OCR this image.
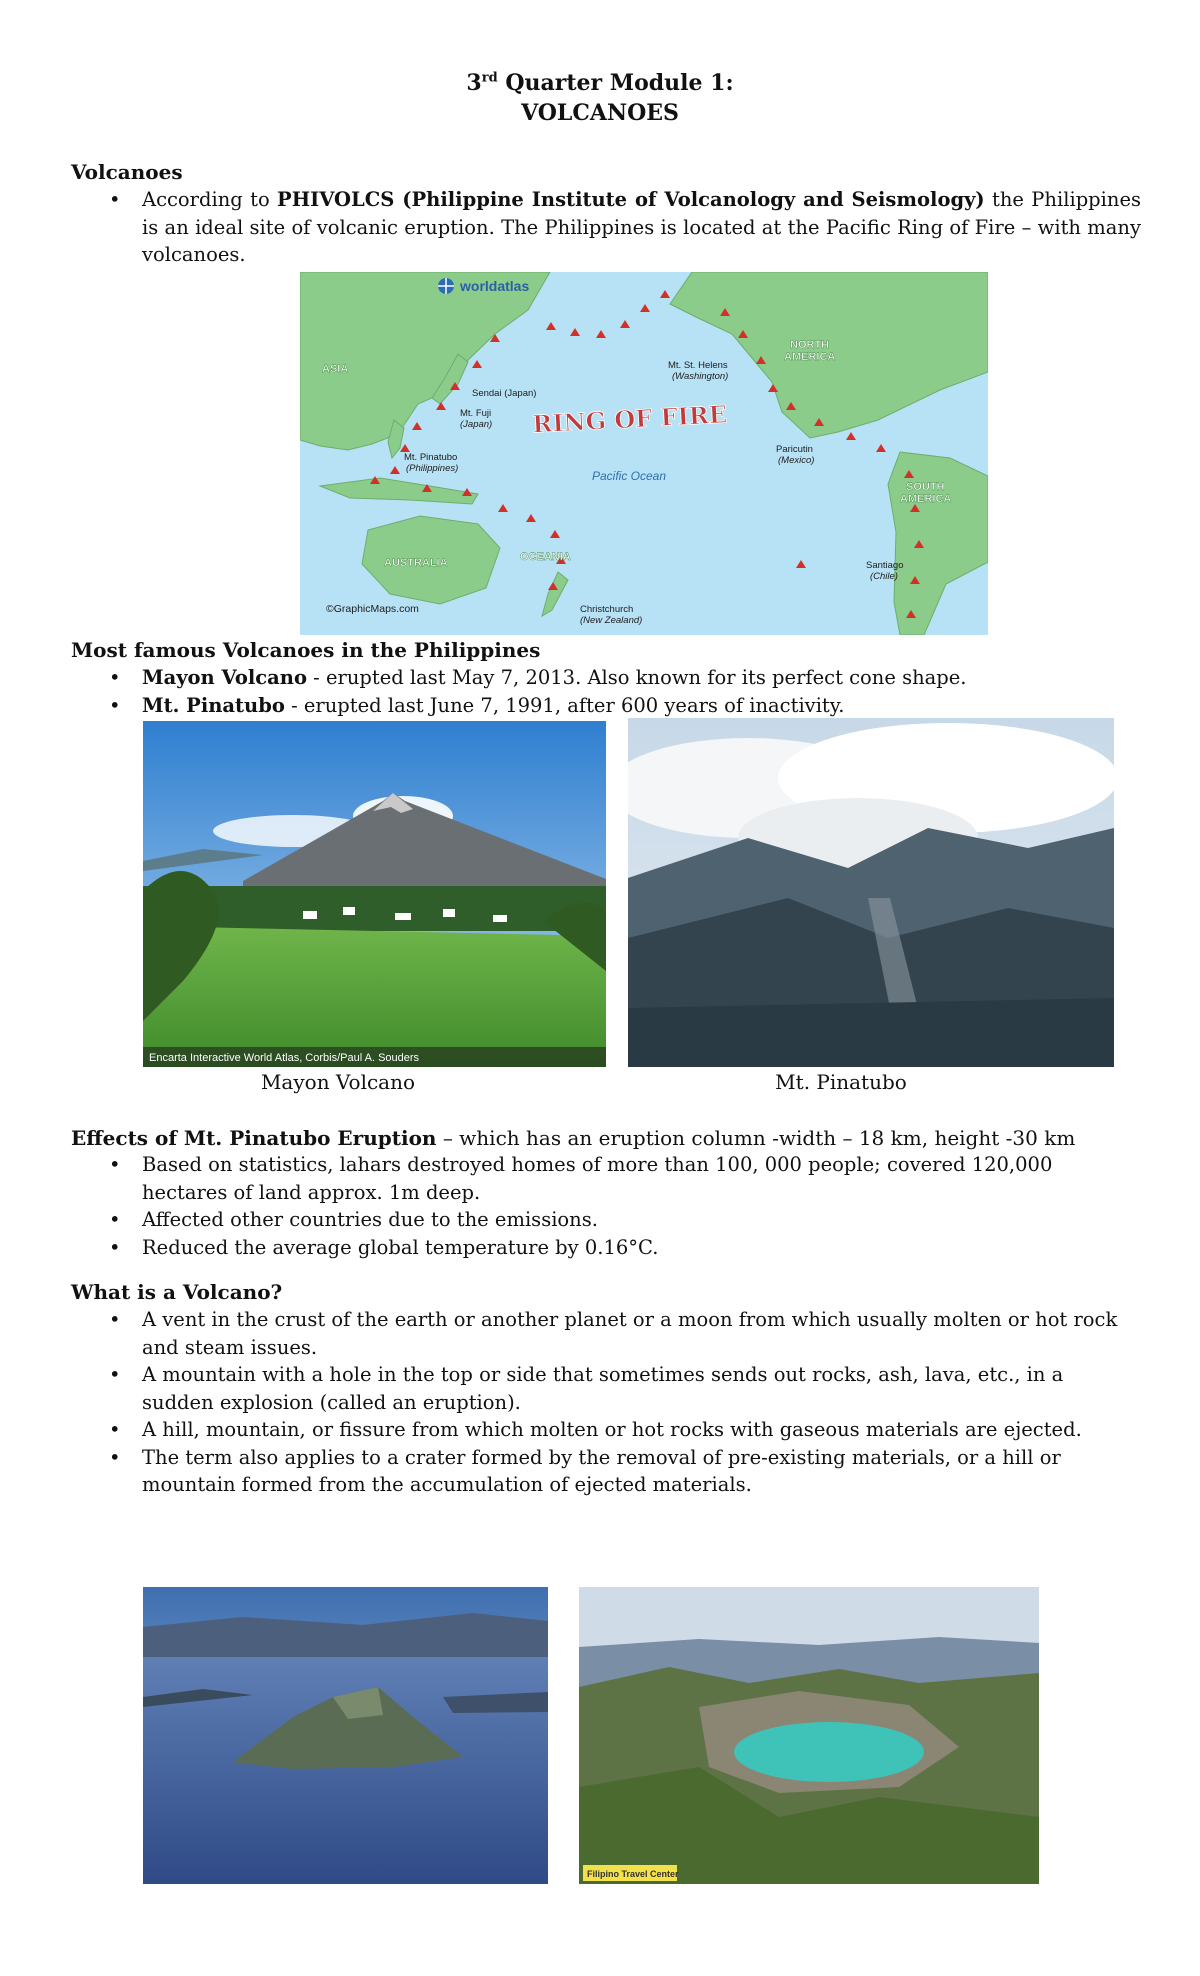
3rd Quarter Module 1:
VOLCANOES
Volcanoes
• According to PHIVOLCS (Philippine Institute of Volcanology and Seismology) the Philippines is an ideal site of volcanic eruption. The Philippines is located at the Pacific Ring of Fire – with many volcanoes.
worldatlas
ASIA
NORTH
AMERICA
SOUTH
AMERICA
AUSTRALIA	OCEANIA
RING OF FIRE
Pacific Ocean
Sendai (Japan)
Mt. Fuji
(Japan)
Mt. Pinatubo
(Philippines)
Mt. St. Helens
(Washington)
Paricutin
(Mexico)
Santiago
(Chile)
Christchurch
(New Zealand)
©GraphicMaps.com
Most famous Volcanoes in the Philippines
• Mayon Volcano - erupted last May 7, 2013. Also known for its perfect cone shape.
• Mt. Pinatubo - erupted last June 7, 1991, after 600 years of inactivity.
Encarta Interactive World Atlas, Corbis/Paul A. Souders
Mayon Volcano	Mt. Pinatubo
Effects of Mt. Pinatubo Eruption – which has an eruption column -width – 18 km, height -30 km
• Based on statistics, lahars destroyed homes of more than 100, 000 people; covered 120,000 hectares of land approx. 1m deep.
• Affected other countries due to the emissions.
• Reduced the average global temperature by 0.16°C.
What is a Volcano?
• A vent in the crust of the earth or another planet or a moon from which usually molten or hot rock and steam issues.
• A mountain with a hole in the top or side that sometimes sends out rocks, ash, lava, etc., in a sudden explosion (called an eruption).
• A hill, mountain, or fissure from which molten or hot rocks with gaseous materials are ejected.
• The term also applies to a crater formed by the removal of pre-existing materials, or a hill or mountain formed from the accumulation of ejected materials.
Filipino Travel Center
